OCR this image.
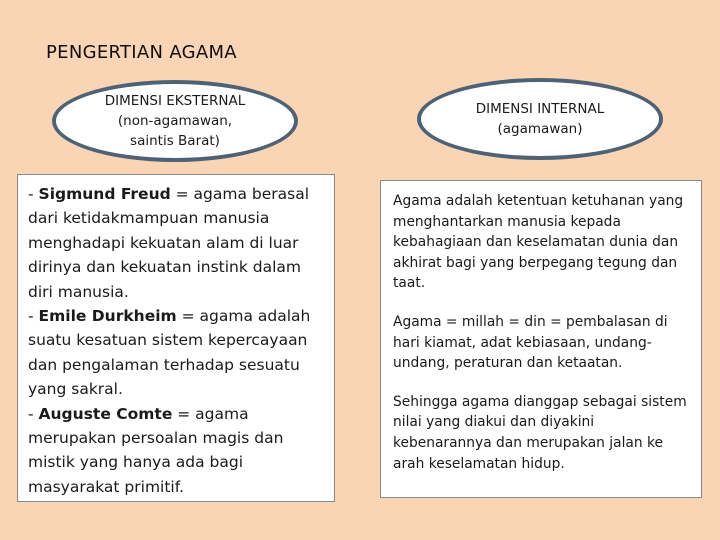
PENGERTIAN AGAMA
DIMENSI EKSTERNAL
(non-agamawan,
saintis Barat)
DIMENSI INTERNAL
(agamawan)

- Sigmund Freud = agama berasal dari ketidakmampuan manusia menghadapi kekuatan alam di luar dirinya dan kekuatan instink dalam diri manusia.

- Emile Durkheim = agama adalah suatu kesatuan sistem kepercayaan dan pengalaman terhadap sesuatu yang sakral.

- Auguste Comte = agama merupakan persoalan magis dan mistik yang hanya ada bagi masyarakat primitif.

Agama adalah ketentuan ketuhanan yang menghantarkan manusia kepada kebahagiaan dan keselamatan dunia dan akhirat bagi yang berpegang tegung dan taat.

Agama = millah = din = pembalasan di hari kiamat, adat kebiasaan, undang-undang, peraturan dan ketaatan.

Sehingga agama dianggap sebagai sistem nilai yang diakui dan diyakini kebenarannya dan merupakan jalan ke arah keselamatan hidup.
